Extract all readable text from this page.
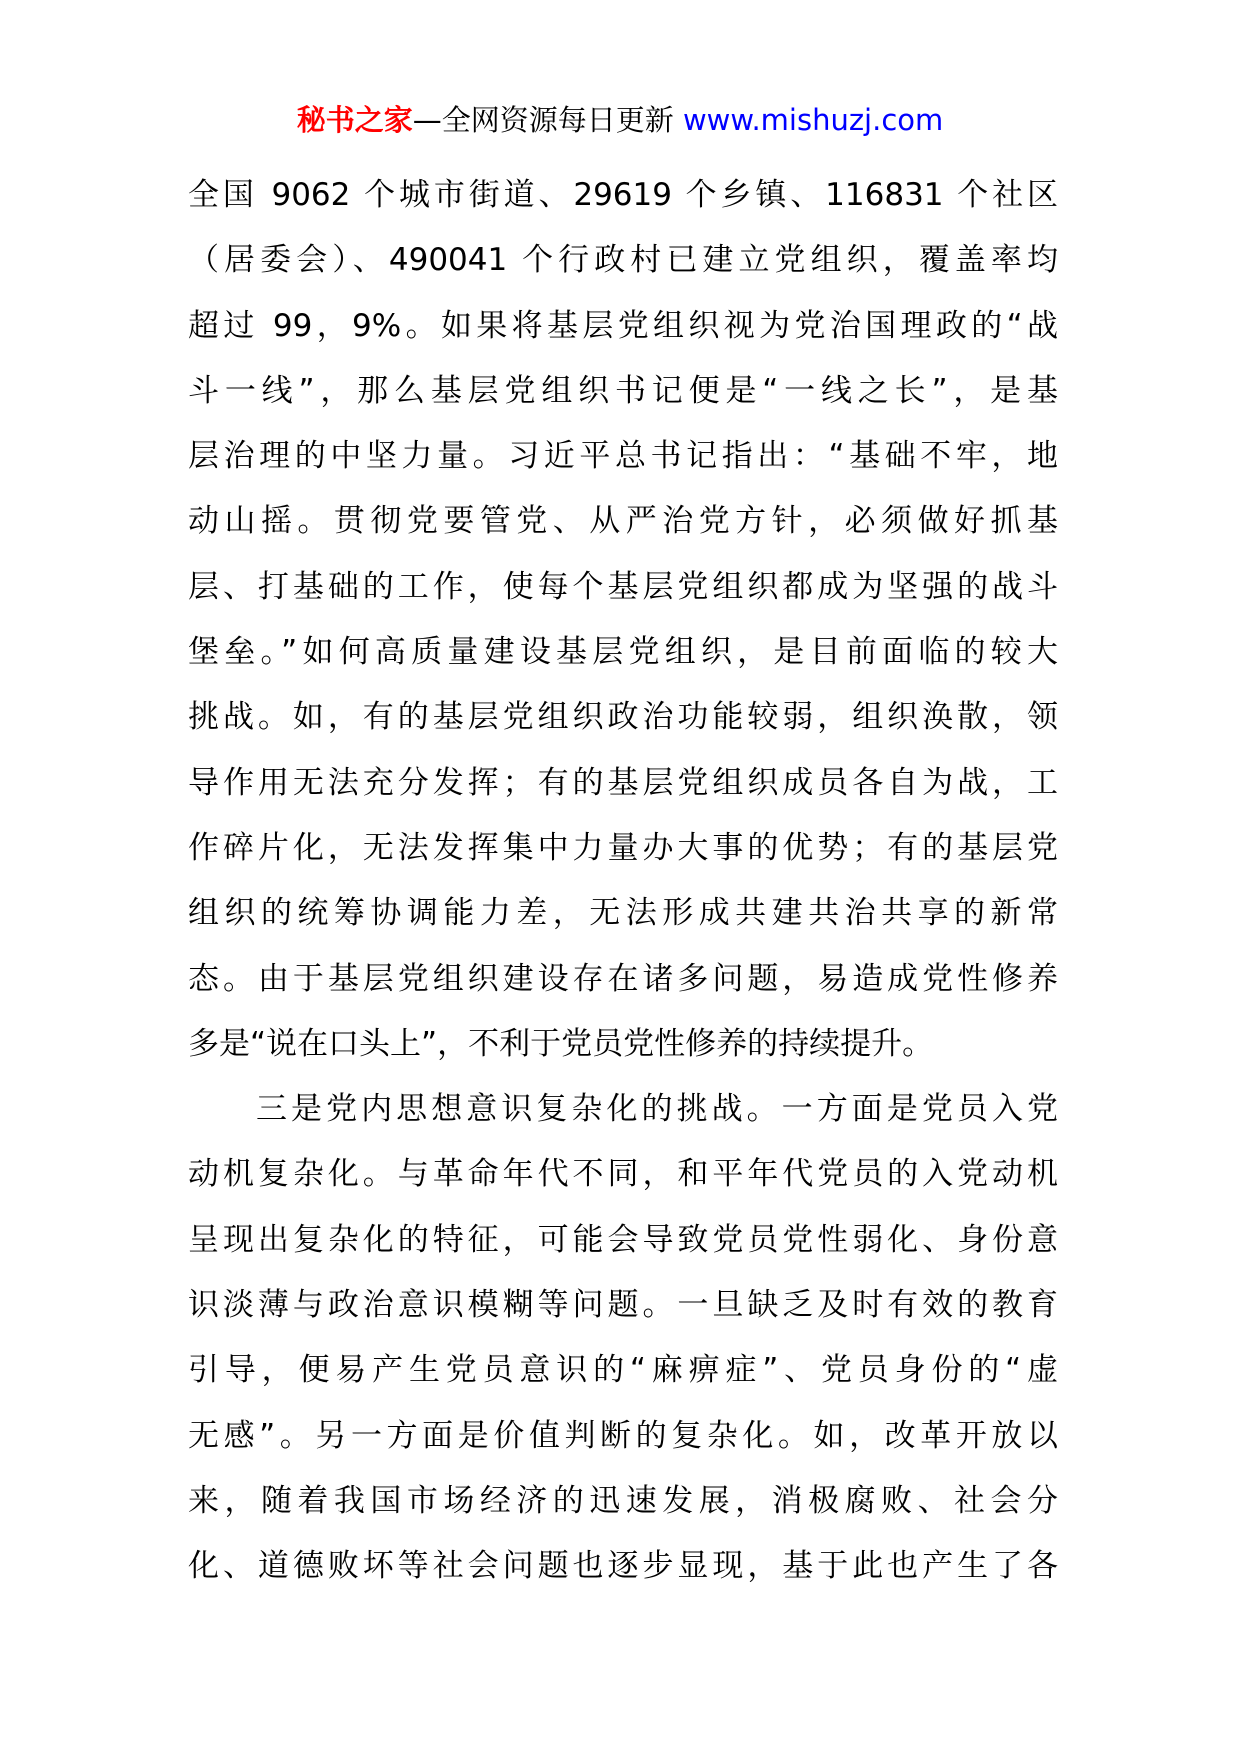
秘书之家—全网资源每日更新 www.mishuzj.com
全国 9062 个城市街道、29619 个乡镇、116831 个社区
（居委会）、490041 个行政村已建立党组织，覆盖率均
超过 99，9%。如果将基层党组织视为党治国理政的“战
斗一线”，那么基层党组织书记便是“一线之长”，是基
层治理的中坚力量。习近平总书记指出：“基础不牢，地
动山摇。贯彻党要管党、从严治党方针，必须做好抓基
层、打基础的工作，使每个基层党组织都成为坚强的战斗
堡垒。”如何高质量建设基层党组织，是目前面临的较大
挑战。如，有的基层党组织政治功能较弱，组织涣散，领
导作用无法充分发挥；有的基层党组织成员各自为战，工
作碎片化，无法发挥集中力量办大事的优势；有的基层党
组织的统筹协调能力差，无法形成共建共治共享的新常
态。由于基层党组织建设存在诸多问题，易造成党性修养
多是“说在口头上”，不利于党员党性修养的持续提升。
三是党内思想意识复杂化的挑战。一方面是党员入党
动机复杂化。与革命年代不同，和平年代党员的入党动机
呈现出复杂化的特征，可能会导致党员党性弱化、身份意
识淡薄与政治意识模糊等问题。一旦缺乏及时有效的教育
引导，便易产生党员意识的“麻痹症”、党员身份的“虚
无感”。另一方面是价值判断的复杂化。如，改革开放以
来，随着我国市场经济的迅速发展，消极腐败、社会分
化、道德败坏等社会问题也逐步显现，基于此也产生了各
